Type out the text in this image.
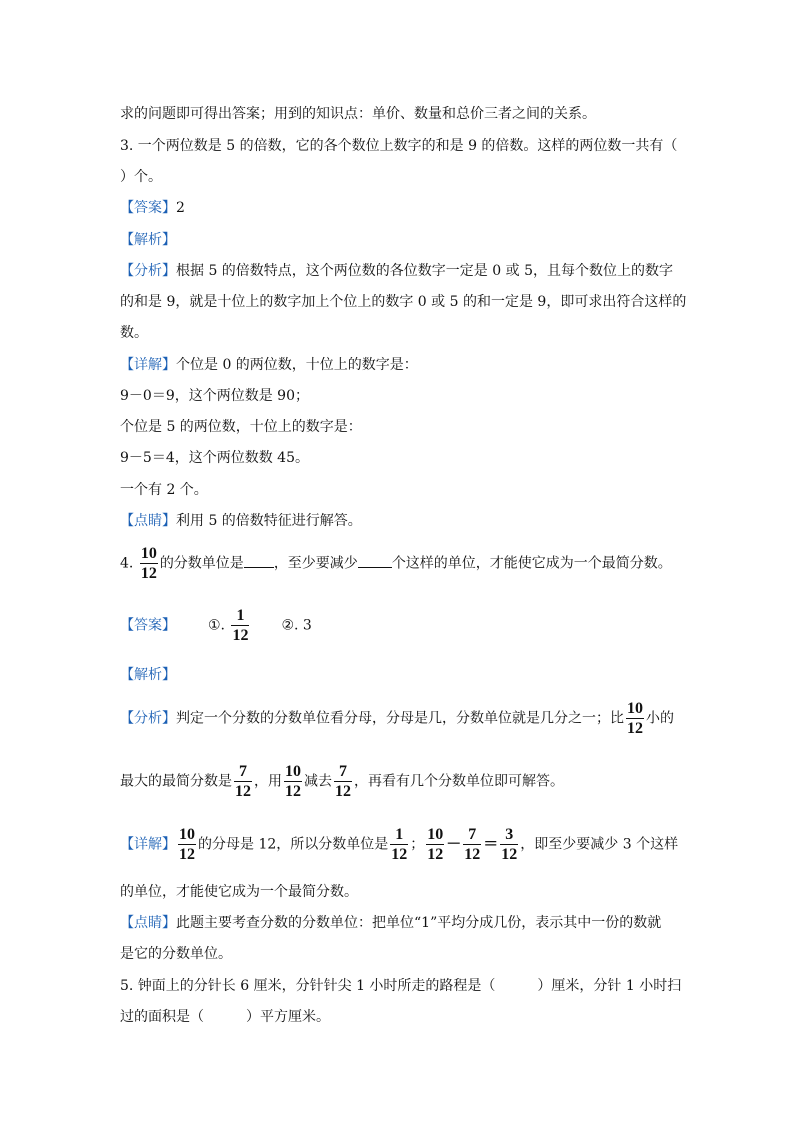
求的问题即可得出答案；用到的知识点：单价、数量和总价三者之间的关系。
3. 一个两位数是 5 的倍数，它的各个数位上数字的和是 9 的倍数。这样的两位数一共有（
）个。
【答案】2
【解析】
【分析】根据 5 的倍数特点，这个两位数的各位数字一定是 0 或 5，且每个数位上的数字
的和是 9，就是十位上的数字加上个位上的数字 0 或 5 的和一定是 9，即可求出符合这样的
数。
【详解】个位是 0 的两位数，十位上的数字是：
9－0＝9，这个两位数是 90；
个位是 5 的两位数，十位上的数字是：
9－5＝4，这个两位数数 45。
一个有 2 个。
【点睛】利用 5 的倍数特征进行解答。
4. $\frac{10}{12}$ 的分数单位是 ，至少要减少 个这样的单位，才能使它成为一个最简分数。
【答案】 ①. $\frac{1}{12}$ ②. 3
【解析】
【分析】判定一个分数的分数单位看分母，分母是几，分数单位就是几分之一；比 $\frac{10}{12}$ 小的
最大的最简分数是 $\frac{7}{12}$ ，用 $\frac{10}{12}$ 减去 $\frac{7}{12}$ ，再看有几个分数单位即可解答。
【详解】 $\frac{10}{12}$ 的分母是 12，所以分数单位是 $\frac{1}{12}$ ； $\frac{10}{12} - \frac{7}{12} = \frac{3}{12}$ ，即至少要减少 3 个这样
的单位，才能使它成为一个最简分数。
【点睛】此题主要考查分数的分数单位：把单位“1”平均分成几份，表示其中一份的数就
是它的分数单位。
5. 钟面上的分针长 6 厘米，分针针尖 1 小时所走的路程是（　　　）厘米，分针 1 小时扫
过的面积是（　　　）平方厘米。
